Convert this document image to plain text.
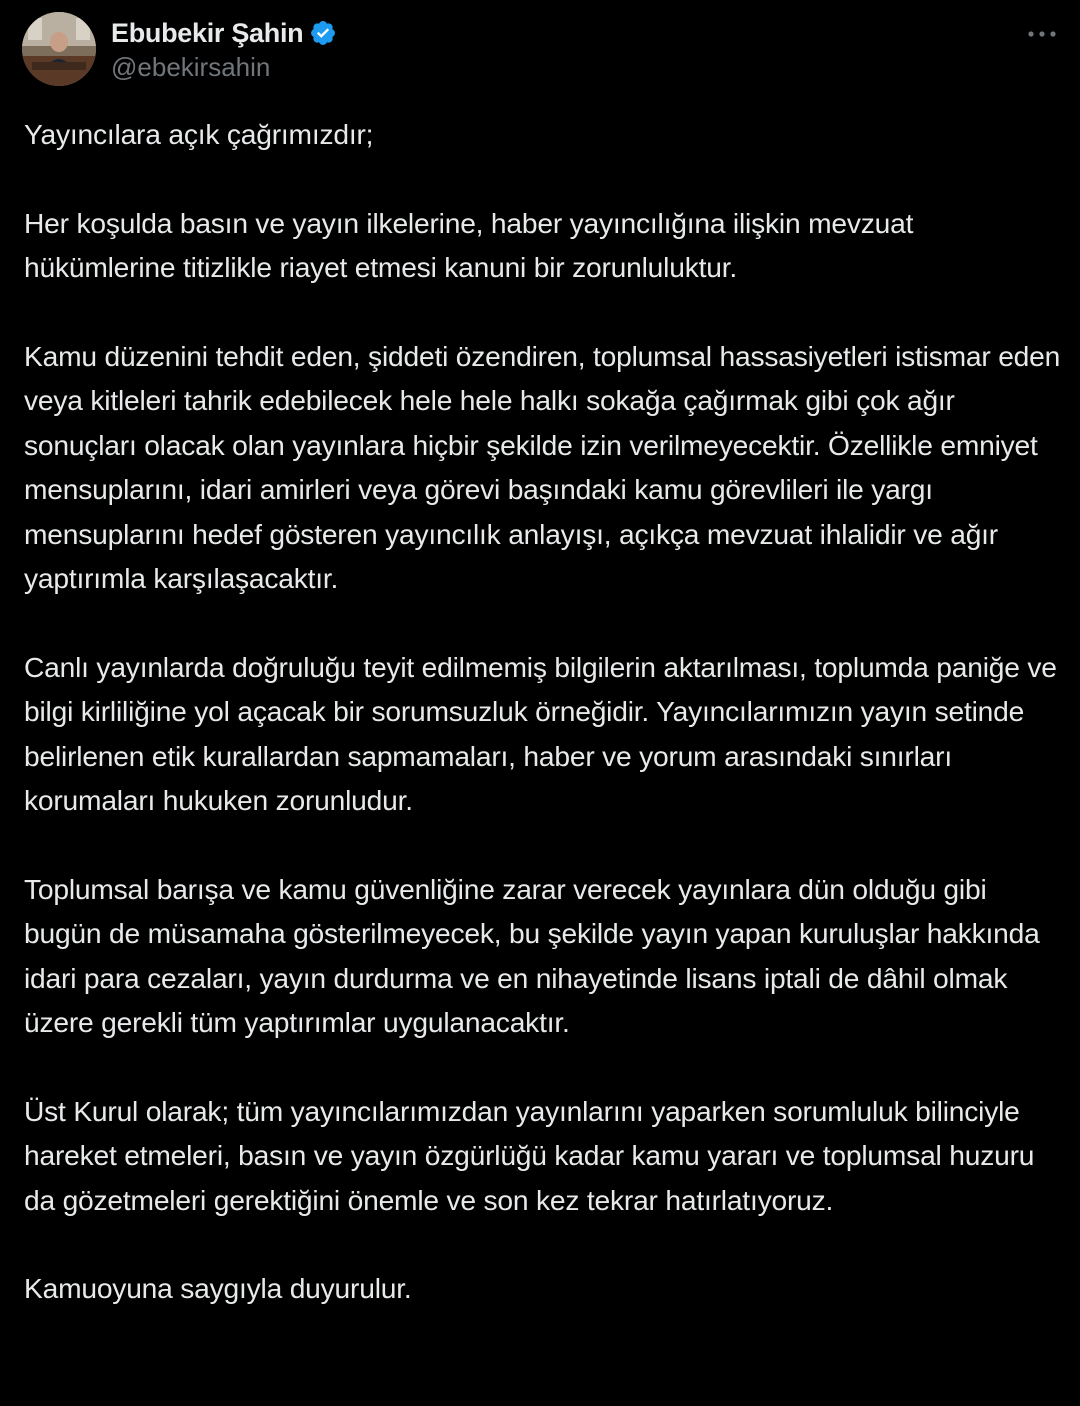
Ebubekir Şahin
@ebekirsahin

Yayıncılara açık çağrımızdır;

Her koşulda basın ve yayın ilkelerine, haber yayıncılığına ilişkin mevzuat hükümlerine titizlikle riayet etmesi kanuni bir zorunluluktur.

Kamu düzenini tehdit eden, şiddeti özendiren, toplumsal hassasiyetleri istismar eden veya kitleleri tahrik edebilecek hele hele halkı sokağa çağırmak gibi çok ağır sonuçları olacak olan yayınlara hiçbir şekilde izin verilmeyecektir. Özellikle emniyet mensuplarını, idari amirleri veya görevi başındaki kamu görevlileri ile yargı mensuplarını hedef gösteren yayıncılık anlayışı, açıkça mevzuat ihlalidir ve ağır yaptırımla karşılaşacaktır.

Canlı yayınlarda doğruluğu teyit edilmemiş bilgilerin aktarılması, toplumda paniğe ve bilgi kirliliğine yol açacak bir sorumsuzluk örneğidir. Yayıncılarımızın yayın setinde belirlenen etik kurallardan sapmamaları, haber ve yorum arasındaki sınırları korumaları hukuken zorunludur.

Toplumsal barışa ve kamu güvenliğine zarar verecek yayınlara dün olduğu gibi bugün de müsamaha gösterilmeyecek, bu şekilde yayın yapan kuruluşlar hakkında idari para cezaları, yayın durdurma ve en nihayetinde lisans iptali de dâhil olmak üzere gerekli tüm yaptırımlar uygulanacaktır.

Üst Kurul olarak; tüm yayıncılarımızdan yayınlarını yaparken sorumluluk bilinciyle hareket etmeleri, basın ve yayın özgürlüğü kadar kamu yararı ve toplumsal huzuru da gözetmeleri gerektiğini önemle ve son kez tekrar hatırlatıyoruz.

Kamuoyuna saygıyla duyurulur.
